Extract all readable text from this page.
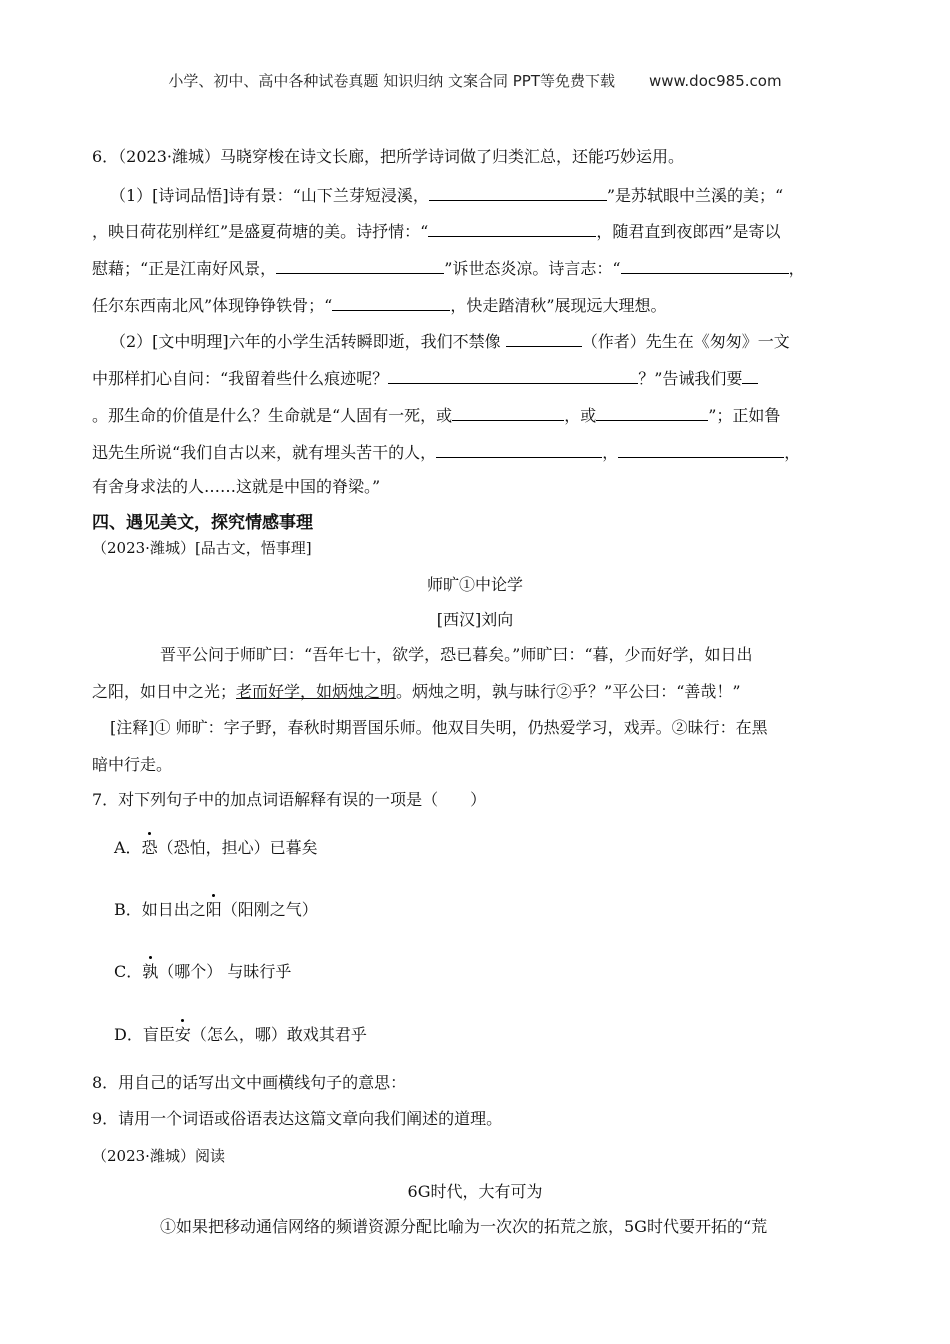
小学、初中、高中各种试卷真题 知识归纳 文案合同 PPT等免费下载 www.doc985.com
6．（2023·潍城）马晓穿梭在诗文长廊，把所学诗词做了归类汇总，还能巧妙运用。
（1）[诗词品悟]诗有景：“山下兰芽短浸溪，	”是苏轼眼中兰溪的美；“
，映日荷花别样红”是盛夏荷塘的美。诗抒情：“	，随君直到夜郎西”是寄以
慰藉；“正是江南好风景，	”诉世态炎凉。诗言志：“	，
任尔东西南北风”体现铮铮铁骨；“	，快走踏清秋”展现远大理想。
（2）[文中明理]六年的小学生活转瞬即逝，我们不禁像	（作者）先生在《匆匆》一文
中那样扪心自问：“我留着些什么痕迹呢？	？”告诫我们要
。那生命的价值是什么？生命就是“人固有一死，或	，或	”；正如鲁
迅先生所说“我们自古以来，就有埋头苦干的人，	，	，
有舍身求法的人……这就是中国的脊梁。”
四、遇见美文，探究情感事理
（2023·潍城）[品古文，悟事理]
师旷①中论学
[西汉]刘向
晋平公问于师旷曰：“吾年七十，欲学，恐已暮矣。”师旷曰：“暮，少而好学，如日出
之阳，如日中之光；老而好学，如炳烛之明。炳烛之明，孰与昧行②乎？”平公曰：“善哉！”
[注释]① 师旷：字子野，春秋时期晋国乐师。他双目失明，仍热爱学习，戏弄。②昧行：在黑
暗中行走。
7．对下列句子中的加点词语解释有误的一项是（　　）
A．恐（恐怕，担心）已暮矣
B．如日出之阳（阳刚之气）
C．孰（哪个） 与昧行乎
D．盲臣安（怎么，哪）敢戏其君乎
8．用自己的话写出文中画横线句子的意思：
9．请用一个词语或俗语表达这篇文章向我们阐述的道理。
（2023·潍城）阅读
6G时代，大有可为
①如果把移动通信网络的频谱资源分配比喻为一次次的拓荒之旅，5G时代要开拓的“荒
